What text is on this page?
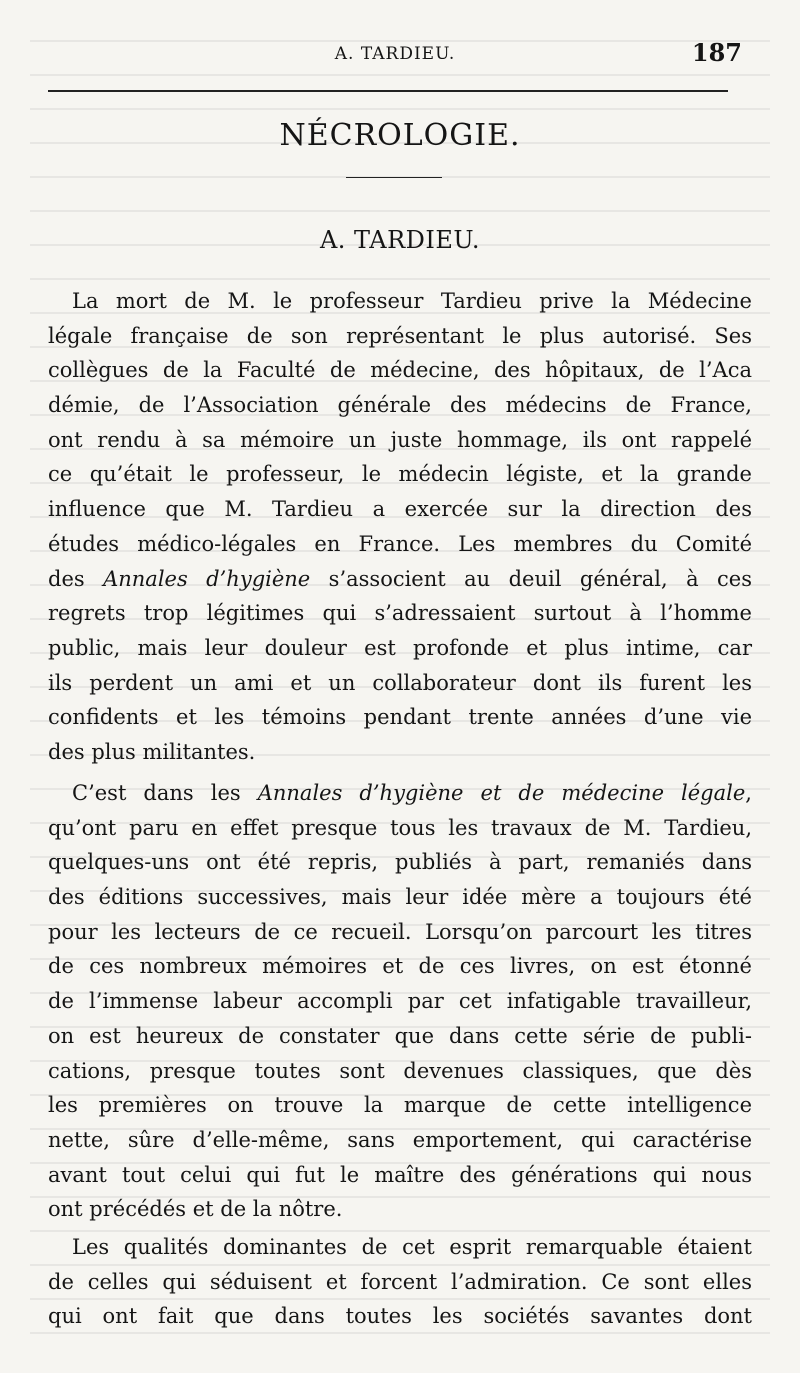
A. TARDIEU.	187
NÉCROLOGIE.
A. TARDIEU.
La mort de M. le professeur Tardieu prive la Médecine
légale française de son représentant le plus autorisé. Ses
collègues de la Faculté de médecine, des hôpitaux, de l’Aca
démie, de l’Association générale des médecins de France,
ont rendu à sa mémoire un juste hommage, ils ont rappelé
ce qu’était le professeur, le médecin légiste, et la grande
influence que M. Tardieu a exercée sur la direction des
études médico-légales en France. Les membres du Comité
des Annales d’hygiène s’associent au deuil général, à ces
regrets trop légitimes qui s’adressaient surtout à l’homme
public, mais leur douleur est profonde et plus intime, car
ils perdent un ami et un collaborateur dont ils furent les
confidents et les témoins pendant trente années d’une vie
des plus militantes.
C’est dans les Annales d’hygiène et de médecine légale,
qu’ont paru en effet presque tous les travaux de M. Tardieu,
quelques-uns ont été repris, publiés à part, remaniés dans
des éditions successives, mais leur idée mère a toujours été
pour les lecteurs de ce recueil. Lorsqu’on parcourt les titres
de ces nombreux mémoires et de ces livres, on est étonné
de l’immense labeur accompli par cet infatigable travailleur,
on est heureux de constater que dans cette série de publi-
cations, presque toutes sont devenues classiques, que dès
les premières on trouve la marque de cette intelligence
nette, sûre d’elle-même, sans emportement, qui caractérise
avant tout celui qui fut le maître des générations qui nous
ont précédés et de la nôtre.
Les qualités dominantes de cet esprit remarquable étaient
de celles qui séduisent et forcent l’admiration. Ce sont elles
qui ont fait que dans toutes les sociétés savantes dont
